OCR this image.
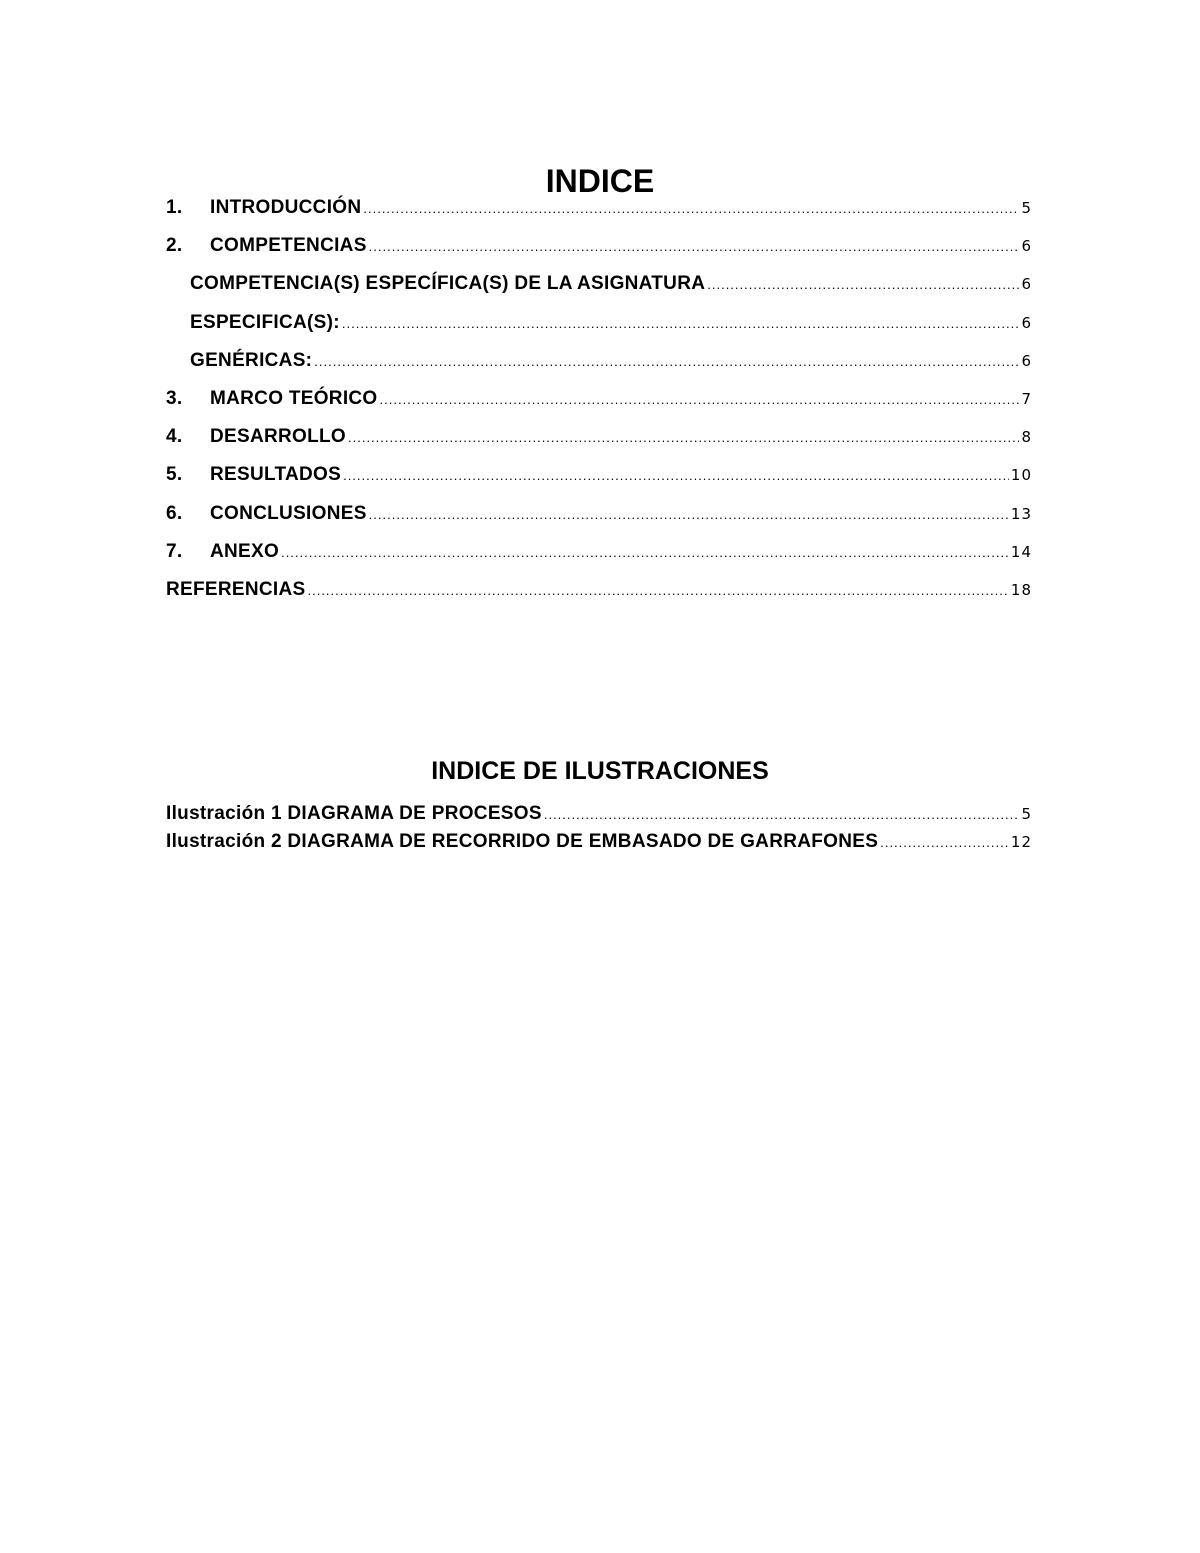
INDICE
1.	INTRODUCCIÓN .....	5
2.	COMPETENCIAS .....	6
COMPETENCIA(S) ESPECÍFICA(S) DE LA ASIGNATURA .....	6
ESPECIFICA(S): .....	6
GENÉRICAS: .....	6
3.	MARCO TEÓRICO .....	7
4.	DESARROLLO .....	8
5.	RESULTADOS .....	10
6.	CONCLUSIONES .....	13
7.	ANEXO .....	14
REFERENCIAS .....	18
INDICE DE ILUSTRACIONES
Ilustración 1 DIAGRAMA DE PROCESOS .....	5
Ilustración 2 DIAGRAMA DE RECORRIDO DE EMBASADO DE GARRAFONES .....	12
